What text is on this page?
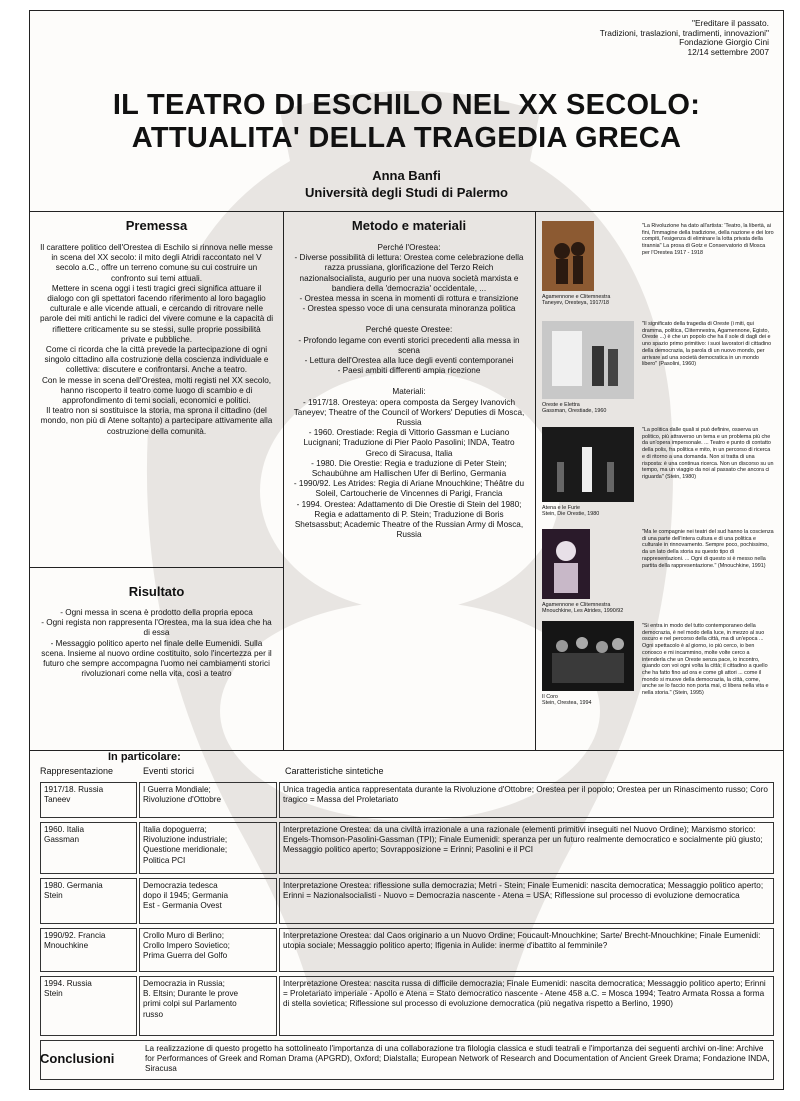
"Ereditare il passato.
Tradizioni, traslazioni, tradimenti, innovazioni"
Fondazione Giorgio Cini
12/14 settembre 2007
IL TEATRO DI ESCHILO NEL XX SECOLO:
ATTUALITA' DELLA TRAGEDIA GRECA
Anna Banfi
Università degli Studi di Palermo
Premessa

Il carattere politico dell'Orestea di Eschilo si rinnova nelle messe in scena del XX secolo: il mito degli Atridi raccontato nel V secolo a.C., offre un terreno comune su cui costruire un confronto sui temi attuali.

Mettere in scena oggi i testi tragici greci significa attuare il dialogo con gli spettatori facendo riferimento al loro bagaglio culturale e alle vicende attuali, e cercando di ritrovare nelle parole dei miti antichi le radici del vivere comune e la capacità di riflettere criticamente su se stessi, sulle proprie possibilità private e pubbliche.

Come ci ricorda che la città prevede la partecipazione di ogni singolo cittadino alla costruzione della coscienza individuale e collettiva: discutere e confrontarsi. Anche a teatro.

Con le messe in scena dell'Orestea, molti registi nel XX secolo, hanno riscoperto il teatro come luogo di scambio e di approfondimento di temi sociali, economici e politici.

Il teatro non si sostituisce la storia, ma sprona il cittadino (del mondo, non più di Atene soltanto) a partecipare attivamente alla costruzione della comunità.

Risultato

- Ogni messa in scena è prodotto della propria epoca

- Ogni regista non rappresenta l'Orestea, ma la sua idea che ha di essa

- Messaggio politico aperto nel finale delle Eumenidi. Sulla scena. Insieme al nuovo ordine costituito, solo l'incertezza per il futuro che sempre accompagna l'uomo nei cambiamenti storici rivoluzionari come nella vita, così a teatro

Metodo e materiali

Perché l'Orestea:

- Diverse possibilità di lettura: Orestea come celebrazione della razza prussiana, glorificazione del Terzo Reich nazionalsocialista, augurio per una nuova società marxista e bandiera della 'democrazia' occidentale, ...

- Orestea messa in scena in momenti di rottura e transizione

- Orestea spesso voce di una censurata minoranza politica

Perché queste Orestee:

- Profondo legame con eventi storici precedenti alla messa in scena

- Lettura dell'Orestea alla luce degli eventi contemporanei

- Paesi ambiti differenti ampia ricezione

Materiali:

- 1917/18. Oresteya: opera composta da Sergey Ivanovich Taneyev; Theatre of the Council of Workers' Deputies di Mosca, Russia

- 1960. Orestiade: Regia di Vittorio Gassman e Luciano Lucignani; Traduzione di Pier Paolo Pasolini; INDA, Teatro Greco di Siracusa, Italia

- 1980. Die Orestie: Regia e traduzione di Peter Stein; Schaubühne am Hallischen Ufer di Berlino, Germania

- 1990/92. Les Atrides: Regia di Ariane Mnouchkine; Théâtre du Soleil, Cartoucherie de Vincennes di Parigi, Francia

- 1994. Orestea: Adattamento di Die Orestie di Stein del 1980; Regia e adattamento di P. Stein; Traduzione di Boris Shetsassbut; Academic Theatre of the Russian Army di Mosca, Russia

Agamennone e Clitemnestra
Taneyev, Oresteya, 1917/18
"La Rivoluzione ha dato all'artista: 'Teatro, la libertà, ai fini, l'immagine della tradizione, della nazione e dei loro compiti, l'esigenza di eliminare la lotta privata della tirannia" La prosa di Gotz e Conservatorio di Mosca per l'Orestea 1917 - 1918
Oreste e Elettra
Gassman, Orestiade, 1960
"Il significato della tragedia di Oreste (i miti, qui dramma, politica, Clitemnestra, Agamennone, Egisto, Oreste ...) è che un popolo che ha il sole di dagli dei e uno spazio primo primitivo: i suoi lavoratori di cittadino della democrazia, la parola di un nuovo mondo, per arrivare ad una società democratica in un mondo libero" (Pasolini, 1960)
Atena e le Furie
Stein, Die Orestie, 1980
"La politica dalle quali si può definire, osserva un politico, più attraverso un tema e un problema più che da un'opera impersonale. ... Teatro e punto di contatto della polis, fra politica e mito, in un percorso di ricerca e di ritorno a una domanda. Non si tratta di una risposta: è una continua ricerca. Non un discorso su un tempo, ma un viaggio da noi al passato che ancora ci riguarda" (Stein, 1980)
Agamennone e Clitemnestra
Mnouchkine, Les Atrides, 1990/92
"Ma le compagnie nei teatri del sud hanno la coscienza di una parte dell'intera cultura e di una politica e culturale in rinnovamento. Sempre poco, pochissimo, da un lato della storia su questo tipo di rappresentazioni. ... Ogni di questo si è messo nella partita della rappresentazione." (Mnouchkine, 1991)
Il Coro
Stein, Orestea, 1994
"Si entra in modo del tutto contemporaneo della democrazia, è nel modo della luce, in mezzo al suo oscuro e nel percorso della città, ma di un'epoca ... Ogni spettacolo è al giorno, io più cerco, io ben conosco e mi incammino, molte volte cerco a intenderla che un Oreste senza pace, io incontro, quando con voi ogni volta la città; il cittadino a quello che ha fatto fino ad ora e come gli attori ... come il mondo si muove della democrazia, la città, come, anche se lo faccio non porta mai, ci libera nella vita e nella storia." (Stein, 1995)
In particolare:
Rappresentazione	Eventi storici	Caratteristiche sintetiche
1917/18. Russia
Taneev
I Guerra Mondiale;
Rivoluzione d'Ottobre
Unica tragedia antica rappresentata durante la Rivoluzione d'Ottobre; Orestea per il popolo; Orestea per un Rinascimento russo; Coro tragico = Massa del Proletariato
1960. Italia
Gassman
Italia dopoguerra;
Rivoluzione industriale;
Questione meridionale;
Politica PCI
Interpretazione Orestea: da una civiltà irrazionale a una razionale (elementi primitivi inseguiti nel Nuovo Ordine); Marxismo storico: Engels-Thomson-Pasolini-Gassman (TPI); Finale Eumenidi: speranza per un futuro realmente democratico e socialmente più giusto; Messaggio politico aperto; Sovrapposizione = Erinni; Pasolini e il PCI
1980. Germania
Stein
Democrazia tedesca
dopo il 1945; Germania
Est - Germania Ovest
Interpretazione Orestea: riflessione sulla democrazia; Metri - Stein; Finale Eumenidi: nascita democratica; Messaggio politico aperto; Erinni = Nazionalsocialisti - Nuovo = Democrazia nascente - Atena = USA; Riflessione sul processo di evoluzione democratica
1990/92. Francia
Mnouchkine
Crollo Muro di Berlino;
Crollo Impero Sovietico;
Prima Guerra del Golfo
Interpretazione Orestea: dal Caos originario a un Nuovo Ordine; Foucault-Mnouchkine; Sarte/ Brecht-Mnouchkine; Finale Eumenidi: utopia sociale; Messaggio politico aperto; Ifigenia in Aulide: inerme d'ibattito al femminile?
1994. Russia
Stein
Democrazia in Russia;
B. Eltsin; Durante le prove
primi colpi sul Parlamento
russo
Interpretazione Orestea: nascita russa di difficile democrazia; Finale Eumenidi: nascita democratica; Messaggio politico aperto; Erinni = Proletariato imperiale - Apollo e Atena = Stato democratico nascente - Atene 458 a.C. = Mosca 1994; Teatro Armata Rossa a forma di stella sovietica; Riflessione sul processo di evoluzione democratica (più negativa rispetto a Berlino, 1990)
Conclusioni
La realizzazione di questo progetto ha sottolineato l'importanza di una collaborazione tra filologia classica e studi teatrali e l'importanza dei seguenti archivi on-line: Archive for Performances of Greek and Roman Drama (APGRD), Oxford; Dialstalla; European Network of Research and Documentation of Ancient Greek Drama; Fondazione INDA, Siracusa
